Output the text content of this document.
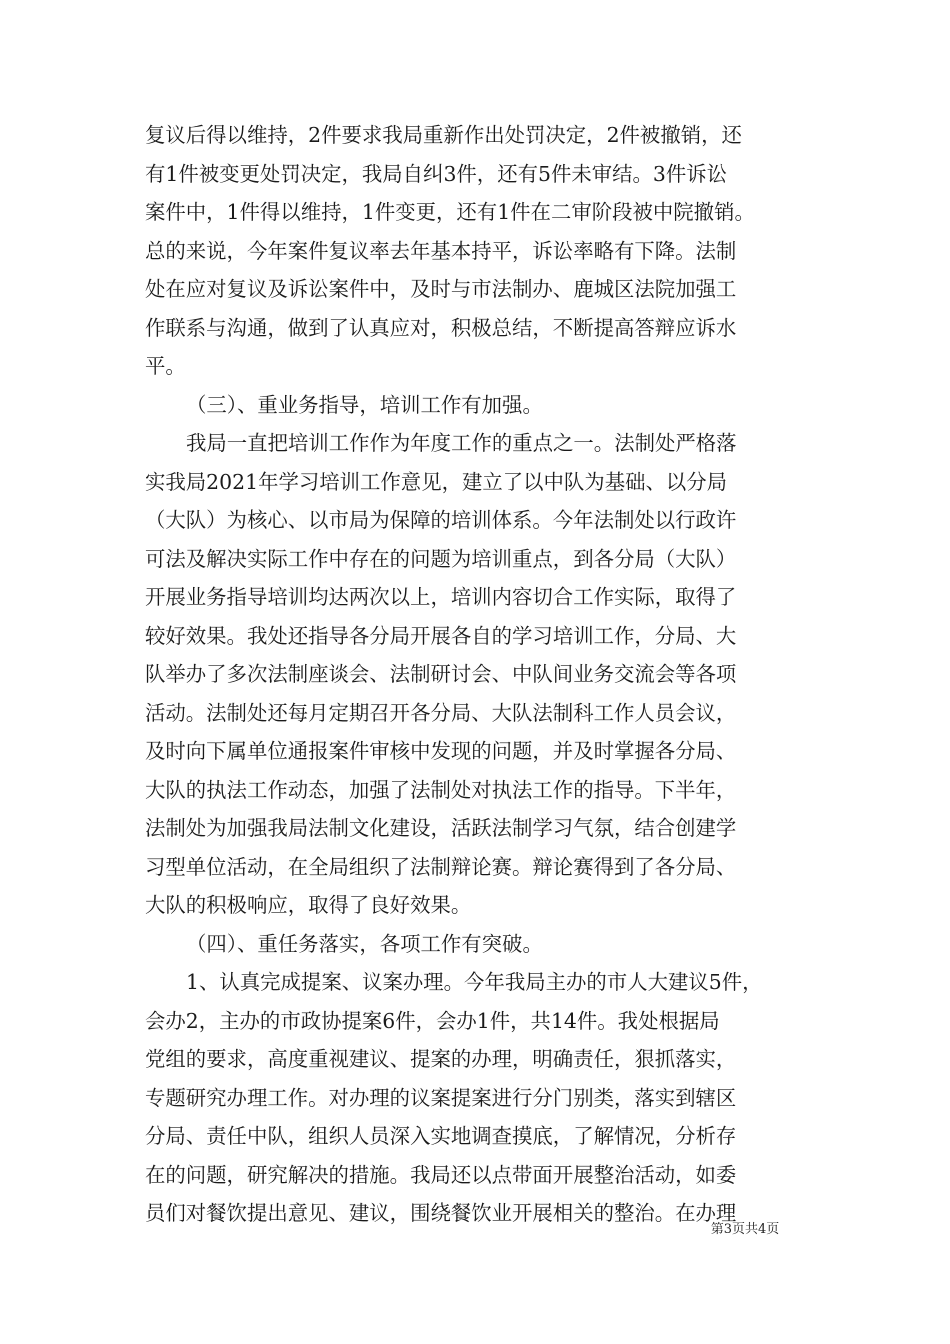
复议后得以维持，2件要求我局重新作出处罚决定，2件被撤销，还
有1件被变更处罚决定，我局自纠3件，还有5件未审结。3件诉讼
案件中，1件得以维持，1件变更，还有1件在二审阶段被中院撤销。
总的来说，今年案件复议率去年基本持平，诉讼率略有下降。法制
处在应对复议及诉讼案件中，及时与市法制办、鹿城区法院加强工
作联系与沟通，做到了认真应对，积极总结，不断提高答辩应诉水
平。
（三）、重业务指导，培训工作有加强。
我局一直把培训工作作为年度工作的重点之一。法制处严格落
实我局2021年学习培训工作意见，建立了以中队为基础、以分局
（大队）为核心、以市局为保障的培训体系。今年法制处以行政许
可法及解决实际工作中存在的问题为培训重点，到各分局（大队）
开展业务指导培训均达两次以上，培训内容切合工作实际，取得了
较好效果。我处还指导各分局开展各自的学习培训工作，分局、大
队举办了多次法制座谈会、法制研讨会、中队间业务交流会等各项
活动。法制处还每月定期召开各分局、大队法制科工作人员会议，
及时向下属单位通报案件审核中发现的问题，并及时掌握各分局、
大队的执法工作动态，加强了法制处对执法工作的指导。下半年，
法制处为加强我局法制文化建设，活跃法制学习气氛，结合创建学
习型单位活动，在全局组织了法制辩论赛。辩论赛得到了各分局、
大队的积极响应，取得了良好效果。
（四）、重任务落实，各项工作有突破。
1、认真完成提案、议案办理。今年我局主办的市人大建议5件，
会办2，主办的市政协提案6件，会办1件，共14件。我处根据局
党组的要求，高度重视建议、提案的办理，明确责任，狠抓落实，
专题研究办理工作。对办理的议案提案进行分门别类，落实到辖区
分局、责任中队，组织人员深入实地调查摸底，了解情况，分析存
在的问题，研究解决的措施。我局还以点带面开展整治活动，如委
员们对餐饮提出意见、建议，围绕餐饮业开展相关的整治。在办理
第3页共4页
